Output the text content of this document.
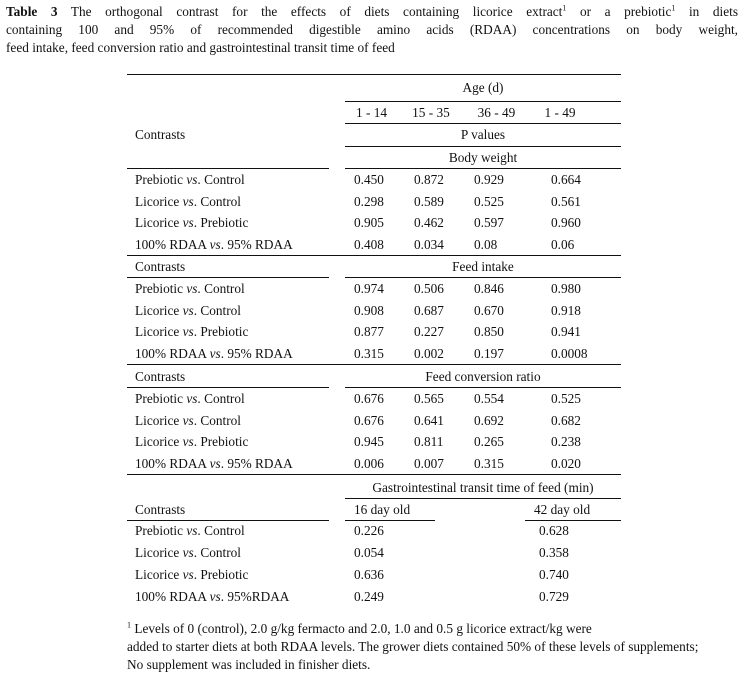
Table 3 The orthogonal contrast for the effects of diets containing licorice extract$^1$ or a prebiotic$^1$ in diets
containing 100 and 95% of recommended digestible amino acids (RDAA) concentrations on body weight,
feed intake, feed conversion ratio and gastrointestinal transit time of feed
Age (d)
1 - 14	15 - 35	36 - 49	1 - 49
Contrasts	P values
Body weight
Prebiotic vs. Control	0.450 0.872 0.929	0.664
Licorice vs. Control	0.298 0.589 0.525	0.561
Licorice vs. Prebiotic	0.905 0.462 0.597	0.960
100% RDAA vs. 95% RDAA	0.408 0.034 0.08	0.06
Contrasts	Feed intake
Prebiotic vs. Control	0.974 0.506 0.846	0.980
Licorice vs. Control	0.908 0.687 0.670	0.918
Licorice vs. Prebiotic	0.877 0.227 0.850	0.941
100% RDAA vs. 95% RDAA	0.315 0.002 0.197	0.0008
Contrasts	Feed conversion ratio
Prebiotic vs. Control	0.676 0.565 0.554	0.525
Licorice vs. Control	0.676 0.641 0.692	0.682
Licorice vs. Prebiotic	0.945 0.811 0.265	0.238
100% RDAA vs. 95% RDAA	0.006 0.007 0.315	0.020
Gastrointestinal transit time of feed (min)
Contrasts	16 day old	42 day old
Prebiotic vs. Control	0.226	0.628
Licorice vs. Control	0.054	0.358
Licorice vs. Prebiotic	0.636	0.740
100% RDAA vs. 95%RDAA	0.249	0.729
$^1$ Levels of 0 (control), 2.0 g/kg fermacto and 2.0, 1.0 and 0.5 g licorice extract/kg were
added to starter diets at both RDAA levels. The grower diets contained 50% of these levels of supplements;
No supplement was included in finisher diets.
